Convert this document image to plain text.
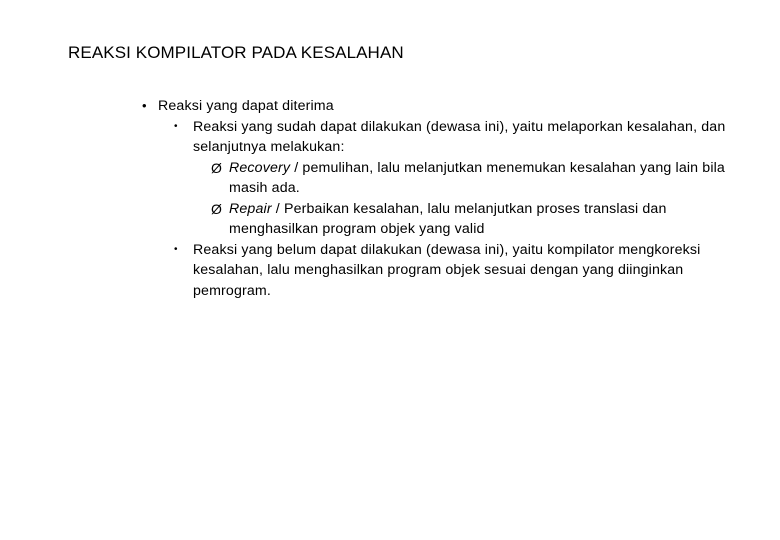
REAKSI KOMPILATOR PADA KESALAHAN
• Reaksi yang dapat diterima
• Reaksi yang sudah dapat dilakukan (dewasa ini), yaitu melaporkan kesalahan, dan selanjutnya melakukan:
Ø Recovery / pemulihan, lalu melanjutkan menemukan kesalahan yang lain bila masih ada.
Ø Repair / Perbaikan kesalahan, lalu melanjutkan proses translasi dan menghasilkan program objek yang valid
• Reaksi yang belum dapat dilakukan (dewasa ini), yaitu kompilator mengkoreksi kesalahan, lalu menghasilkan program objek sesuai dengan yang diinginkan pemrogram.
